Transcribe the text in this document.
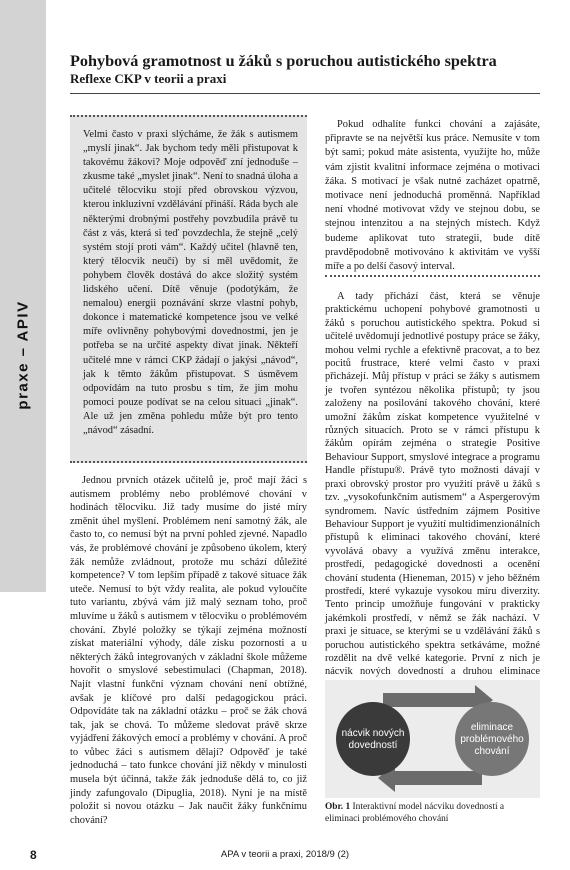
praxe – APIV
Pohybová gramotnost u žáků s poruchou autistického spektra
Reflexe CKP v teorii a praxi

Velmi často v praxi slýcháme, že žák s autismem „myslí jinak“. Jak bychom tedy měli přistupovat k takovému žákovi? Moje odpověď zní jednoduše – zkusme také „myslet jinak“. Není to snadná úloha a učitelé tělocviku stojí před obrovskou výzvou, kterou inkluzivní vzdělávání přináší. Ráda bych ale některými drobnými postřehy povzbudila právě tu část z vás, která si teď povzdechla, že stejně „celý systém stojí proti vám“. Každý učitel (hlavně ten, který tělocvik neučí) by si měl uvědomit, že pohybem člověk dostává do akce složitý systém lidského učení. Dítě věnuje (podotýkám, že nemalou) energii poznávání skrze vlastní pohyb, dokonce i matematické kompetence jsou ve velké míře ovlivněny pohybovými dovednostmi, jen je potřeba se na určité aspekty dívat jinak. Někteří učitelé mne v rámci CKP žádají o jakýsi „návod“, jak k těmto žákům přistupovat. S úsměvem odpovídám na tuto prosbu s tím, že jim mohu pomoci pouze podívat se na celou situaci „jinak“. Ale už jen změna pohledu může být pro tento „návod“ zásadní.

Jednou prvních otázek učitelů je, proč mají žáci s autismem problémy nebo problémové chování v hodinách tělocviku. Již tady musíme do jisté míry změnit úhel myšlení. Problémem není samotný žák, ale často to, co nemusí být na první pohled zjevné. Napadlo vás, že problémové chování je způsobeno úkolem, který žák nemůže zvládnout, protože mu schází důležité kompetence? V tom lepším případě z takové situace žák uteče. Nemusí to být vždy realita, ale pokud vyloučíte tuto variantu, zbývá vám již malý seznam toho, proč mluvíme u žáků s autismem v tělocviku o problémovém chování. Zbylé položky se týkají zejména možností získat materiální výhody, dále zisku pozornosti a u některých žáků integrovaných v základní škole můžeme hovořit o smyslové sebestimulaci (Chapman, 2018). Najít vlastní funkční význam chování není obtížné, avšak je klíčové pro další pedagogickou práci. Odpovídáte tak na základní otázku – proč se žák chová tak, jak se chová. To můžeme sledovat právě skrze vyjádření žákových emocí a problémy v chování. A proč to vůbec žáci s autismem dělají? Odpověď je také jednoduchá – tato funkce chování již někdy v minulosti musela být účinná, takže žák jednoduše dělá to, co již jindy zafungovalo (Dipuglia, 2018). Nyní je na místě položit si novou otázku – Jak naučit žáky funkčnímu chování?

Pokud odhalíte funkci chování a zajásáte, připravte se na největší kus práce. Nemusíte v tom být sami; pokud máte asistenta, využijte ho, může vám zjistit kvalitní informace zejména o motivaci žáka. S motivací je však nutné zacházet opatrně, motivace není jednoduchá proměnná. Například není vhodné motivovat vždy ve stejnou dobu, se stejnou intenzitou a na stejných místech. Když budeme aplikovat tuto strategii, bude dítě pravděpodobně motivováno k aktivitám ve vyšší míře a po delší časový interval.

A tady přichází část, která se věnuje praktickému uchopení pohybové gramotnosti u žáků s poruchou autistického spektra. Pokud si učitelé uvědomují jednotlivé postupy práce se žáky, mohou velmi rychle a efektivně pracovat, a to bez pocitů frustrace, které velmi často v praxi přicházejí. Můj přístup v práci se žáky s autismem je tvořen syntézou několika přístupů; ty jsou založeny na posilování takového chování, které umožní žákům získat kompetence využitelné v různých situacích. Proto se v rámci přístupu k žákům opírám zejména o strategie Positive Behaviour Support, smyslové integrace a programu Handle přístupu®. Právě tyto možnosti dávají v praxi obrovský prostor pro využití právě u žáků s tzv. „vysokofunkčním autismem“ a Aspergerovým syndromem. Navíc ústředním zájmem Positive Behaviour Support je využití multidimenzionálních přístupů k eliminaci takového chování, které vyvolává obavy a využívá změnu interakce, prostředí, pedagogické dovednosti a ocenění chování studenta (Hieneman, 2015) v jeho běžném prostředí, které vykazuje vysokou míru diverzity. Tento princip umožňuje fungování v prakticky jakémkoli prostředí, v němž se žák nachází. V praxi je situace, se kterými se u vzdělávání žáků s poruchou autistického spektra setkáváme, možné rozdělit na dvě velké kategorie. První z nich je nácvik nových dovedností a druhou eliminace

nácvik nových
dovedností
eliminace
problémového
chování

Obr. 1 Interaktivní model nácviku dovedností a eliminaci problémového chování

8	APA v teorii a praxi, 2018/9 (2)
